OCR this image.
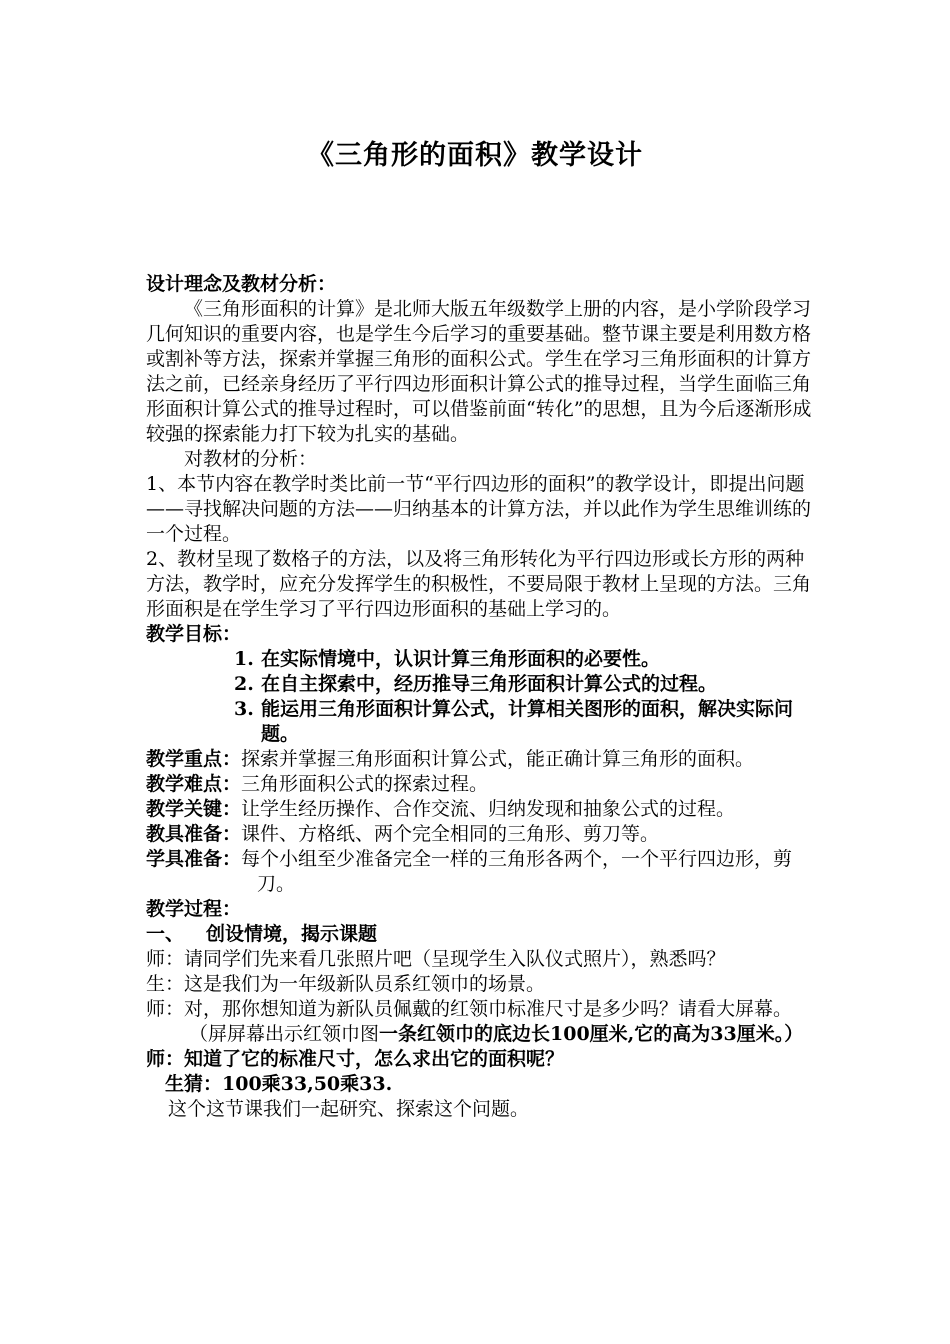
《三角形的面积》教学设计

设计理念及教材分析：

《三角形面积的计算》是北师大版五年级数学上册的内容，是小学阶段学习几何知识的重要内容，也是学生今后学习的重要基础。整节课主要是利用数方格或割补等方法，探索并掌握三角形的面积公式。学生在学习三角形面积的计算方法之前，已经亲身经历了平行四边形面积计算公式的推导过程，当学生面临三角形面积计算公式的推导过程时，可以借鉴前面“转化”的思想，且为今后逐渐形成较强的探索能力打下较为扎实的基础。

对教材的分析：

1、本节内容在教学时类比前一节“平行四边形的面积”的教学设计，即提出问题——寻找解决问题的方法——归纳基本的计算方法，并以此作为学生思维训练的一个过程。

2、教材呈现了数格子的方法，以及将三角形转化为平行四边形或长方形的两种方法，教学时，应充分发挥学生的积极性，不要局限于教材上呈现的方法。三角形面积是在学生学习了平行四边形面积的基础上学习的。

教学目标：

1. 在实际情境中，认识计算三角形面积的必要性。
2. 在自主探索中，经历推导三角形面积计算公式的过程。
3. 能运用三角形面积计算公式，计算相关图形的面积，解决实际问题。

教学重点：探索并掌握三角形面积计算公式，能正确计算三角形的面积。

教学难点：三角形面积公式的探索过程。

教学关键：让学生经历操作、合作交流、归纳发现和抽象公式的过程。

教具准备：课件、方格纸、两个完全相同的三角形、剪刀等。

学具准备：每个小组至少准备完全一样的三角形各两个，一个平行四边形，剪刀。

教学过程：

一、 创设情境，揭示课题

师：请同学们先来看几张照片吧（呈现学生入队仪式照片），熟悉吗？

生：这是我们为一年级新队员系红领巾的场景。

师：对，那你想知道为新队员佩戴的红领巾标准尺寸是多少吗？请看大屏幕。（屏屏幕出示红领巾图一条红领巾的底边长100厘米,它的高为33厘米。）

师：知道了它的标准尺寸，怎么求出它的面积呢？

生猜：100乘33,50乘33.

这个这节课我们一起研究、探索这个问题。
